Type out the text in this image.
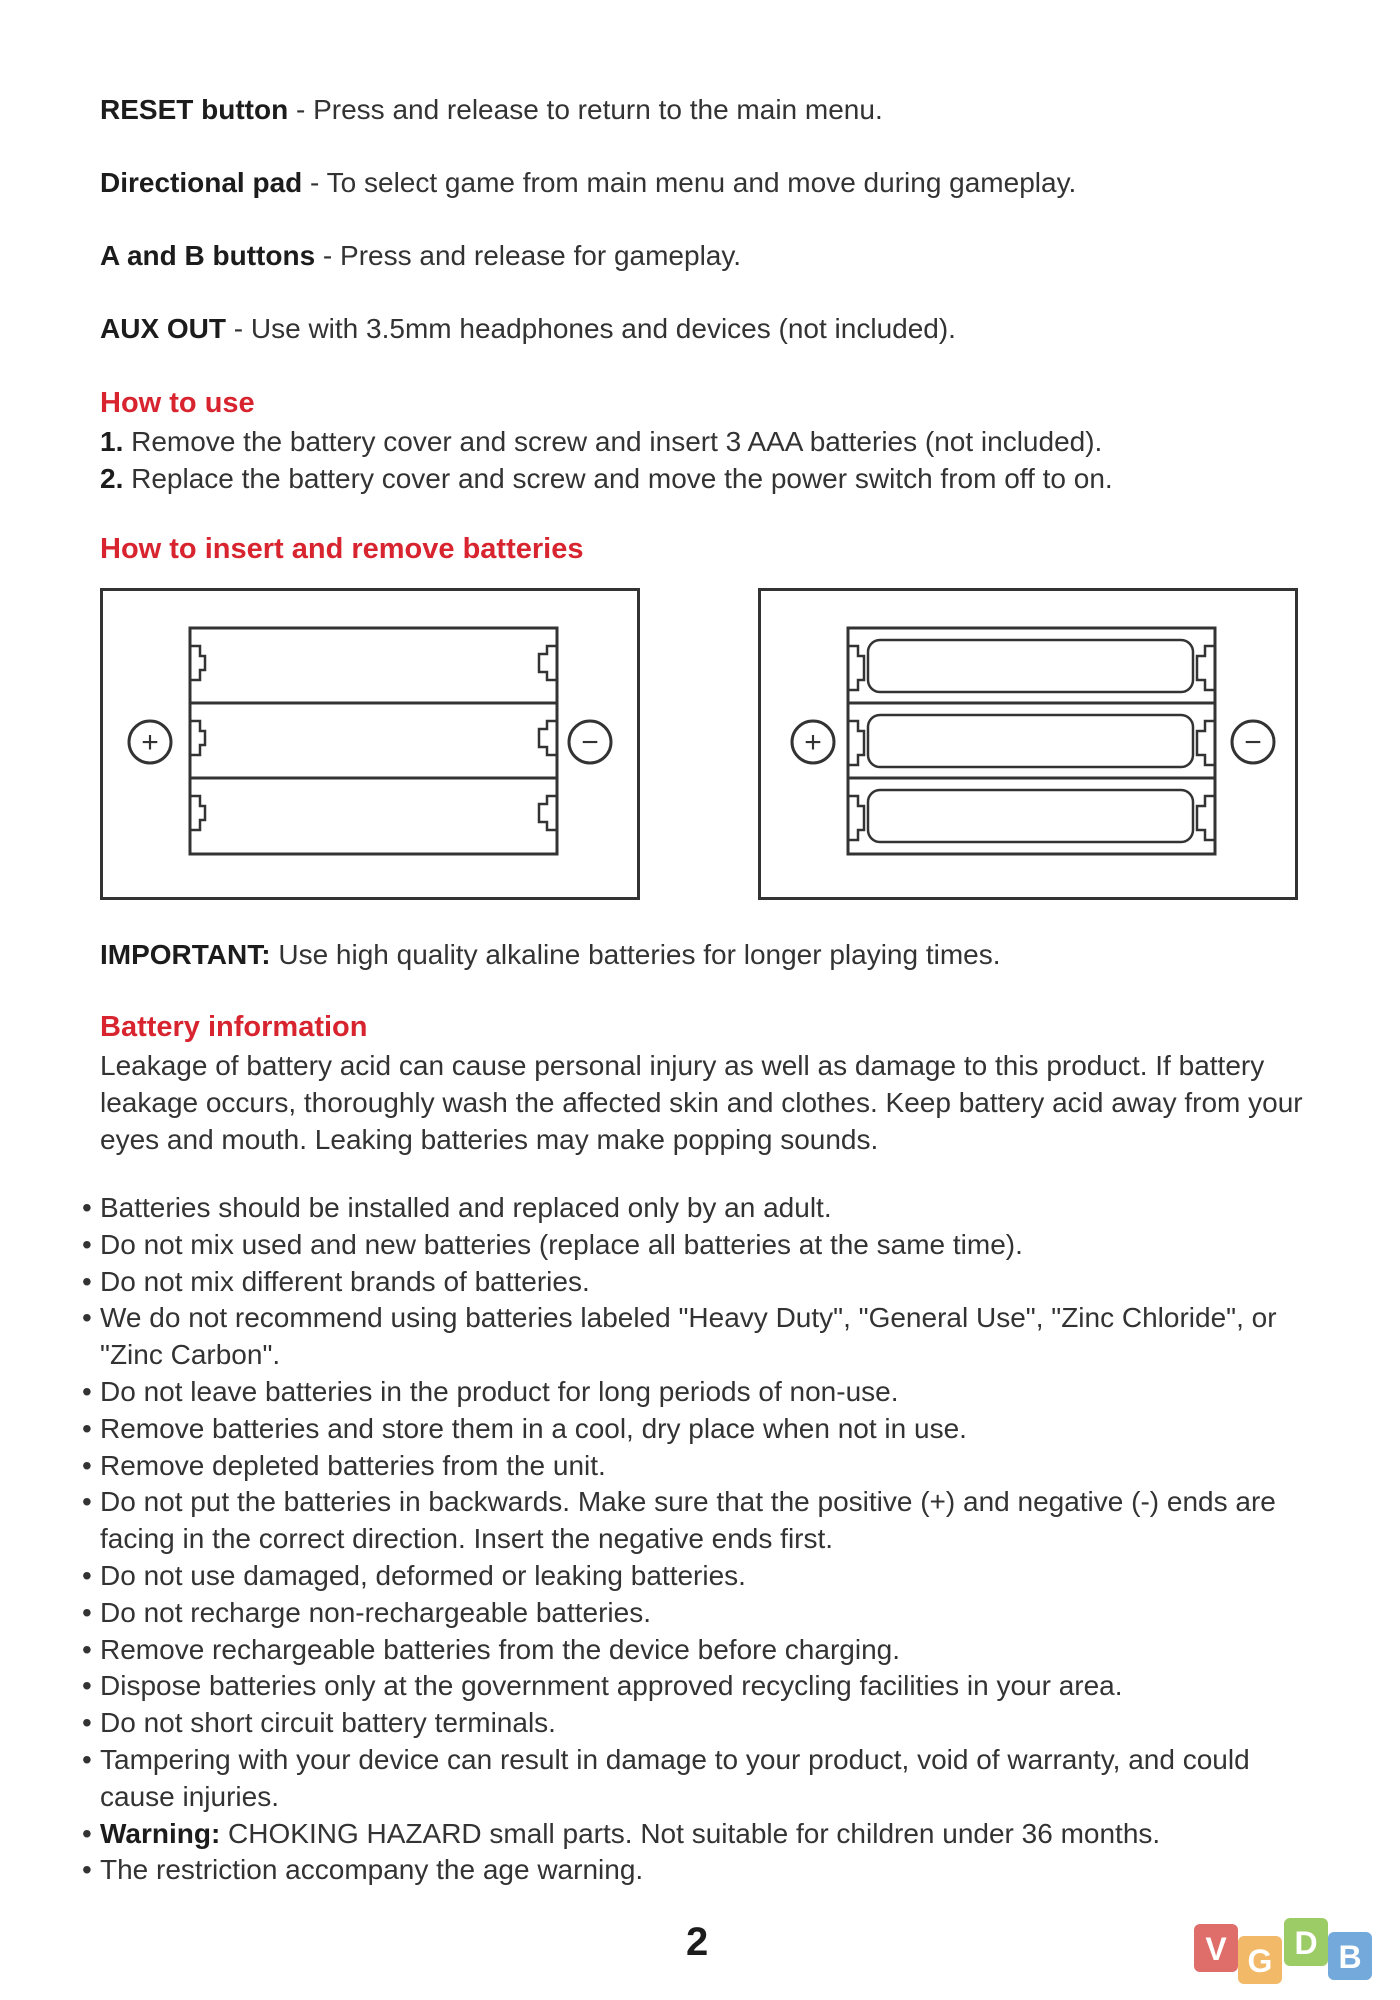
RESET button - Press and release to return to the main menu.
Directional pad - To select game from main menu and move during gameplay.
A and B buttons - Press and release for gameplay.
AUX OUT - Use with 3.5mm headphones and devices (not included).
How to use
1. Remove the battery cover and screw and insert 3 AAA batteries (not included).
2. Replace the battery cover and screw and move the power switch from off to on.
How to insert and remove batteries
+	−	+	−
IMPORTANT: Use high quality alkaline batteries for longer playing times.
Battery information

Leakage of battery acid can cause personal injury as well as damage to this product. If battery leakage occurs, thoroughly wash the affected skin and clothes. Keep battery acid away from your eyes and mouth. Leaking batteries may make popping sounds.

• Batteries should be installed and replaced only by an adult.
• Do not mix used and new batteries (replace all batteries at the same time).
• Do not mix different brands of batteries.
• We do not recommend using batteries labeled "Heavy Duty", "General Use", "Zinc Chloride", or "Zinc Carbon".
• Do not leave batteries in the product for long periods of non-use.
• Remove batteries and store them in a cool, dry place when not in use.
• Remove depleted batteries from the unit.
• Do not put the batteries in backwards. Make sure that the positive (+) and negative (-) ends are facing in the correct direction. Insert the negative ends first.
• Do not use damaged, deformed or leaking batteries.
• Do not recharge non-rechargeable batteries.
• Remove rechargeable batteries from the device before charging.
• Dispose batteries only at the government approved recycling facilities in your area.
• Do not short circuit battery terminals.
• Tampering with your device can result in damage to your product, void of warranty, and could cause injuries.
• Warning: CHOKING HAZARD small parts. Not suitable for children under 36 months.
• The restriction accompany the age warning.
2	V G D B
